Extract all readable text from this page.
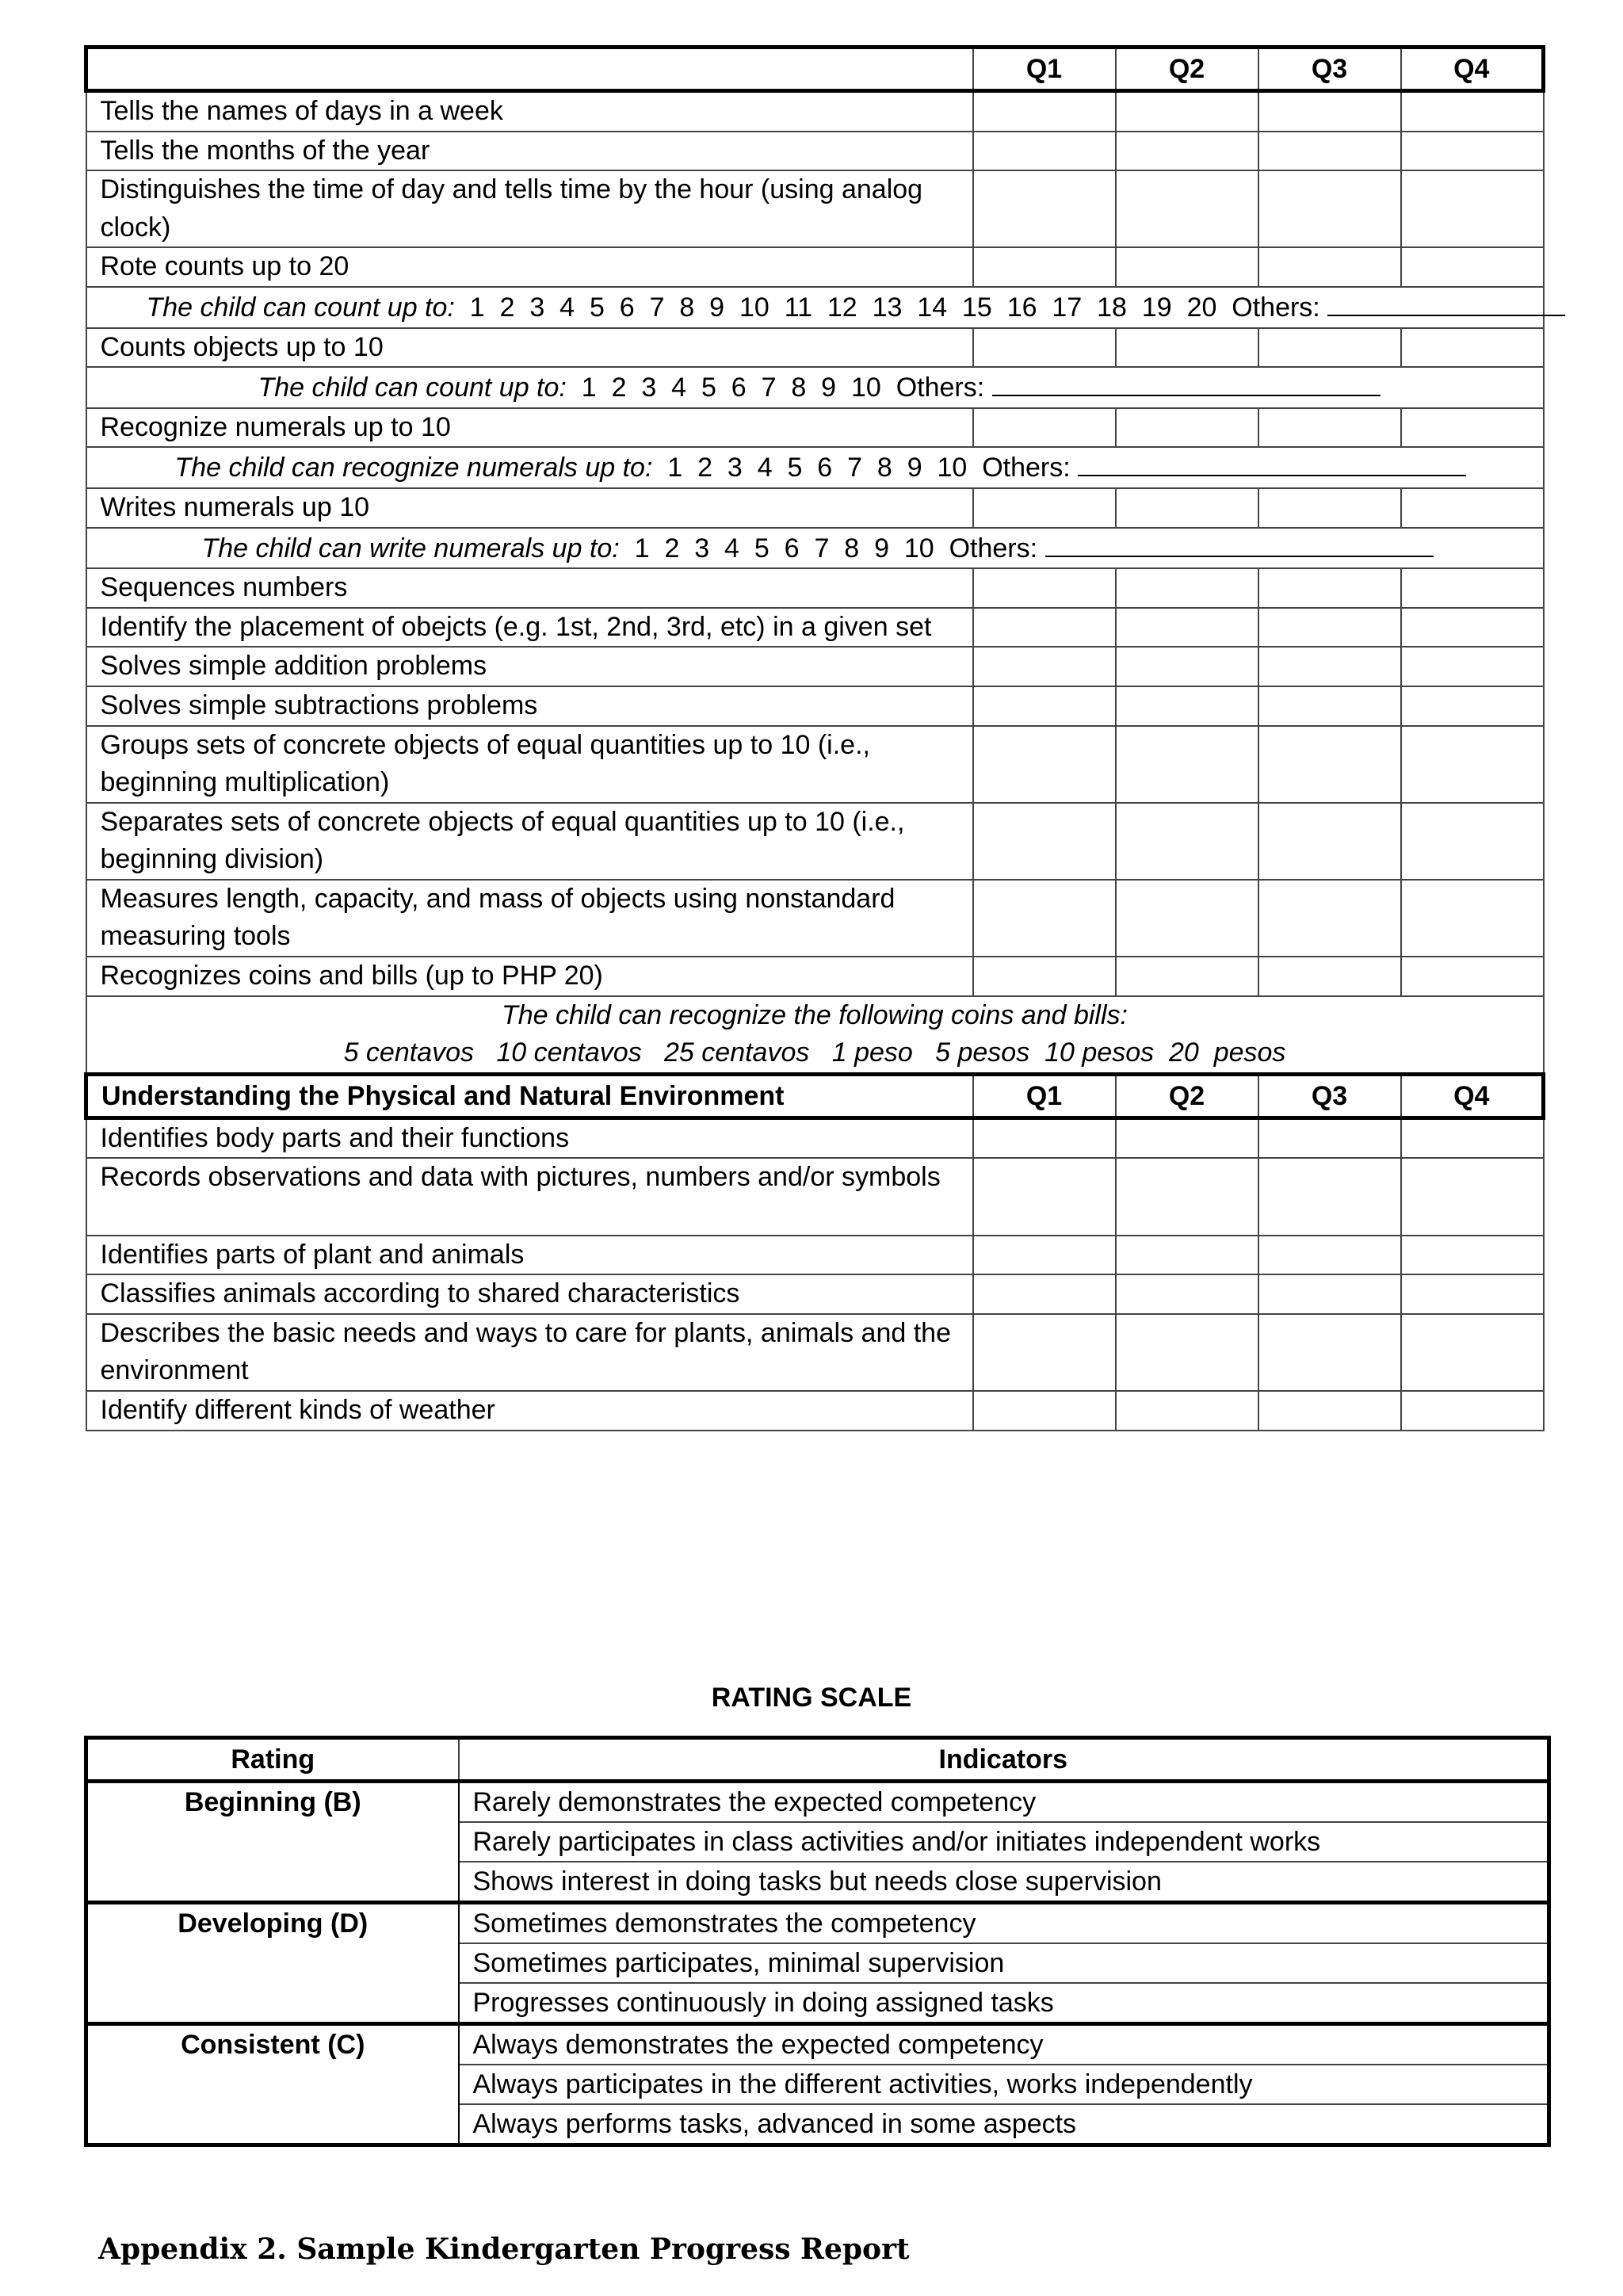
	Q1	Q2	Q3	Q4
Tells the names of days in a week				
Tells the months of the year				
Distinguishes the time of day and tells time by the hour (using analog clock)				
Rote counts up to 20				
The child can count up to: 1  2  3  4  5  6  7  8  9  10  11  12  13  14  15  16  17  18  19  20  Others:				
Counts objects up to 10				
The child can count up to: 1  2  3  4  5  6  7  8  9  10  Others:				
Recognize numerals up to 10				
The child can recognize numerals up to: 1  2  3  4  5  6  7  8  9  10  Others:				
Writes numerals up 10				
The child can write numerals up to: 1  2  3  4  5  6  7  8  9  10  Others:				
Sequences numbers				
Identify the placement of obejcts (e.g. 1st, 2nd, 3rd, etc) in a given set				
Solves simple addition problems				
Solves simple subtractions problems				
Groups sets of concrete objects of equal quantities up to 10 (i.e., beginning multiplication)				
Separates sets of concrete objects of equal quantities up to 10 (i.e., beginning division)				
Measures length, capacity, and mass of objects using nonstandard measuring tools				
Recognizes coins and bills (up to PHP 20)				

The child can recognize the following coins and bills:
5 centavos   10 centavos   25 centavos   1 peso   5 pesos  10 pesos  20  pesos				

Understanding the Physical and Natural Environment	Q1	Q2	Q3	Q4
Identifies body parts and their functions				
Records observations and data with pictures, numbers and/or symbols				
Identifies parts of plant and animals				
Classifies animals according to shared characteristics				
Describes the basic needs and ways to care for plants, animals and the environment				
Identify different kinds of weather				
RATING SCALE
Rating	Indicators
Beginning (B)	Rarely demonstrates the expected competency
	Rarely participates in class activities and/or initiates independent works
	Shows interest in doing tasks but needs close supervision
Developing (D)	Sometimes demonstrates the competency
	Sometimes participates, minimal supervision
	Progresses continuously in doing assigned tasks
Consistent (C)	Always demonstrates the expected competency
	Always participates in the different activities, works independently
	Always performs tasks, advanced in some aspects
Appendix 2. Sample Kindergarten Progress Report
